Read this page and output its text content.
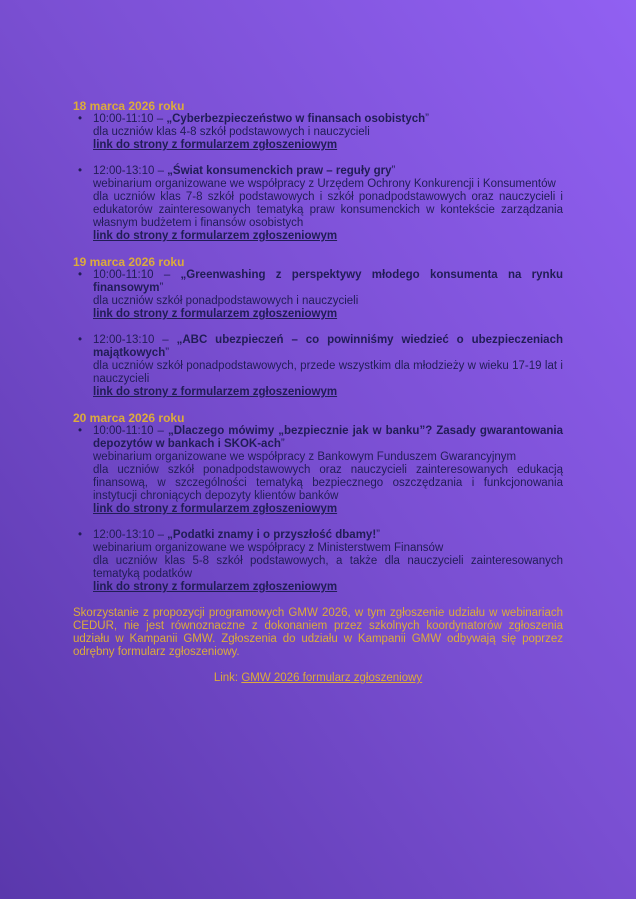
18 marca 2026 roku

• 10:00-11:10 – „Cyberbezpieczeństwo w finansach osobistych”

dla uczniów klas 4-8 szkół podstawowych i nauczycieli

link do strony z formularzem zgłoszeniowym

• 12:00-13:10 – „Świat konsumenckich praw – reguły gry”

webinarium organizowane we współpracy z Urzędem Ochrony Konkurencji i Konsumentów

dla uczniów klas 7-8 szkół podstawowych i szkół ponadpodstawowych oraz nauczycieli i edukatorów zainteresowanych tematyką praw konsumenckich w kontekście zarządzania własnym budżetem i finansów osobistych

link do strony z formularzem zgłoszeniowym

19 marca 2026 roku

• 10:00-11:10 – „Greenwashing z perspektywy młodego konsumenta na rynku finansowym”

dla uczniów szkół ponadpodstawowych i nauczycieli

link do strony z formularzem zgłoszeniowym

• 12:00-13:10 – „ABC ubezpieczeń – co powinniśmy wiedzieć o ubezpieczeniach majątkowych”

dla uczniów szkół ponadpodstawowych, przede wszystkim dla młodzieży w wieku 17-19 lat i nauczycieli

link do strony z formularzem zgłoszeniowym

20 marca 2026 roku

• 10:00-11:10 – „Dlaczego mówimy „bezpiecznie jak w banku”? Zasady gwarantowania depozytów w bankach i SKOK-ach”

webinarium organizowane we współpracy z Bankowym Funduszem Gwarancyjnym

dla uczniów szkół ponadpodstawowych oraz nauczycieli zainteresowanych edukacją finansową, w szczególności tematyką bezpiecznego oszczędzania i funkcjonowania instytucji chroniących depozyty klientów banków

link do strony z formularzem zgłoszeniowym

• 12:00-13:10 – „Podatki znamy i o przyszłość dbamy!”

webinarium organizowane we współpracy z Ministerstwem Finansów

dla uczniów klas 5-8 szkół podstawowych, a także dla nauczycieli zainteresowanych tematyką podatków

link do strony z formularzem zgłoszeniowym

Skorzystanie z propozycji programowych GMW 2026, w tym zgłoszenie udziału w webinariach CEDUR, nie jest równoznaczne z dokonaniem przez szkolnych koordynatorów zgłoszenia udziału w Kampanii GMW. Zgłoszenia do udziału w Kampanii GMW odbywają się poprzez odrębny formularz zgłoszeniowy.

Link: GMW 2026 formularz zgłoszeniowy
